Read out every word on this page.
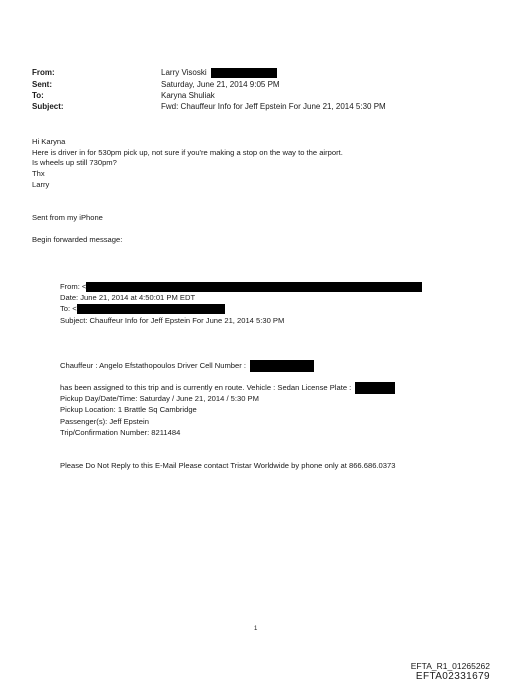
From:	Larry Visoski
Sent:	Saturday, June 21, 2014 9:05 PM
To:	Karyna Shuliak
Subject:	Fwd: Chauffeur Info for Jeff Epstein For June 21, 2014 5:30 PM
Hi Karyna
Here is driver in for 530pm pick up, not sure if you're making a stop on the way to the airport.
Is wheels up still 730pm?
Thx
Larry
Sent from my iPhone
Begin forwarded message:
From: <
Date: June 21, 2014 at 4:50:01 PM EDT
To: <
Subject: Chauffeur Info for Jeff Epstein For June 21, 2014 5:30 PM
Chauffeur : Angelo Efstathopoulos Driver Cell Number :
has been assigned to this trip and is currently en route. Vehicle : Sedan License Plate :
Pickup Day/Date/Time: Saturday / June 21, 2014 / 5:30 PM
Pickup Location: 1 Brattle Sq Cambridge
Passenger(s): Jeff Epstein
Trip/Confirmation Number: 8211484
Please Do Not Reply to this E-Mail Please contact Tristar Worldwide by phone only at 866.686.0373
1
EFTA_R1_01265262
EFTA02331679
